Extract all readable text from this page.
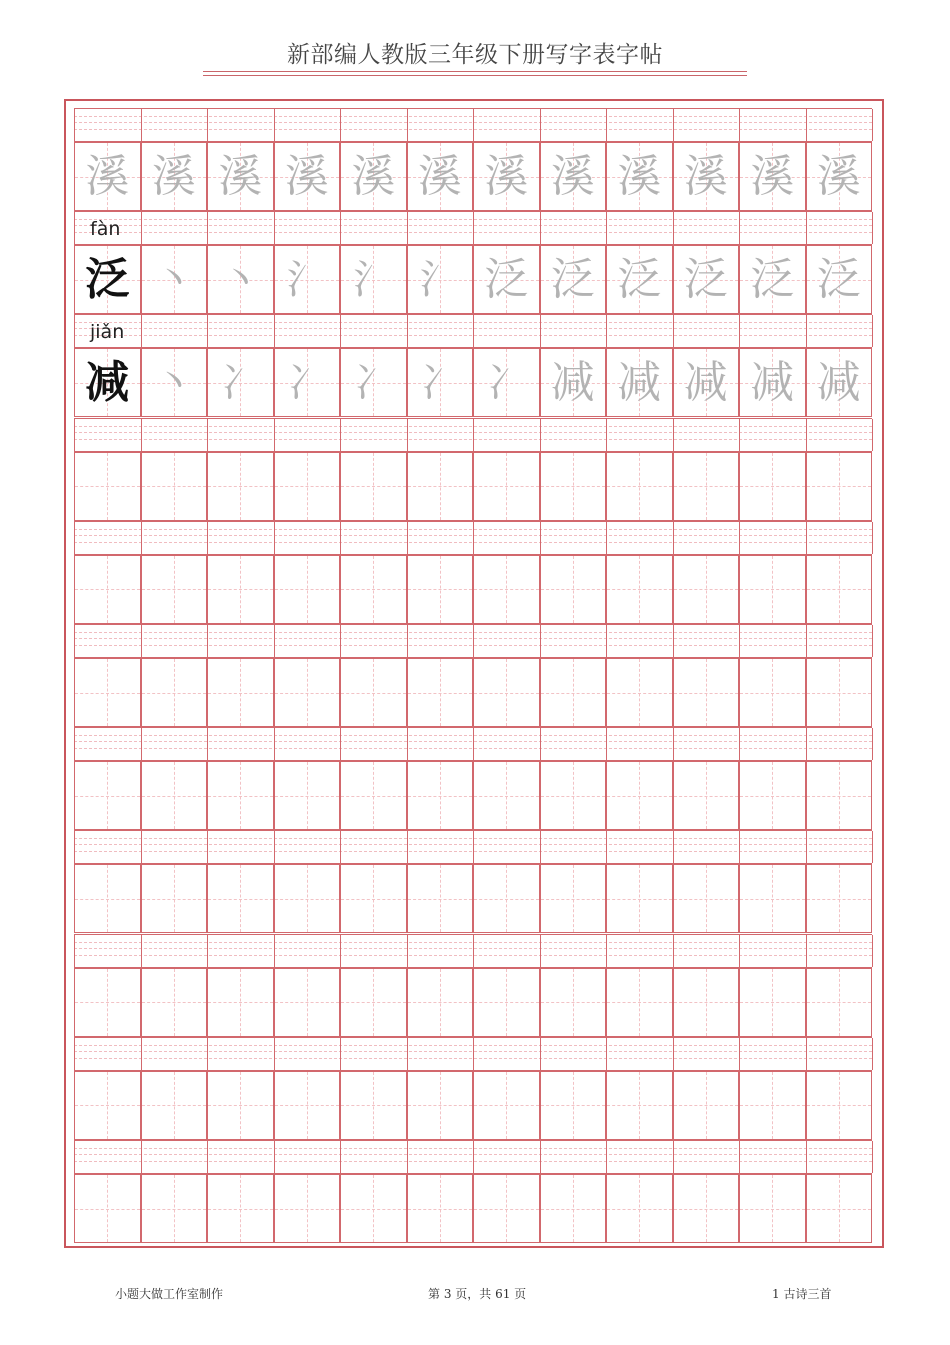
新部编人教版三年级下册写字表字帖
溪 溪 溪 溪 溪 溪 溪 溪 溪 溪 溪 溪
fàn
泛 丶 丶 氵 氵 氵 泛 泛 泛 泛 泛 泛
jiǎn
减 丶 冫 冫 冫 冫 冫 减 减 减 减 减
小题大做工作室制作	第 3 页，共 61 页	1 古诗三首
